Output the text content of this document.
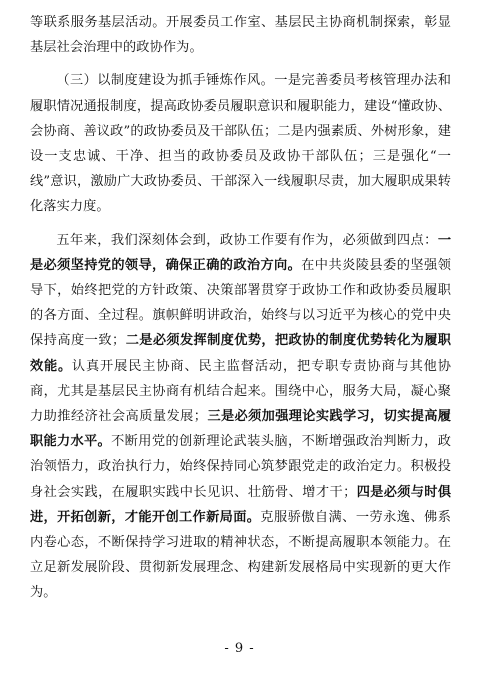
等联系服务基层活动。开展委员工作室、基层民主协商机制探索，彰显基层社会治理中的政协作为。

（三）以制度建设为抓手锤炼作风。一是完善委员考核管理办法和履职情况通报制度，提高政协委员履职意识和履职能力，建设“懂政协、会协商、善议政”的政协委员及干部队伍；二是内强素质、外树形象，建设一支忠诚、干净、担当的政协委员及政协干部队伍；三是强化“一线”意识，激励广大政协委员、干部深入一线履职尽责，加大履职成果转化落实力度。

五年来，我们深刻体会到，政协工作要有作为，必须做到四点：一是必须坚持党的领导，确保正确的政治方向。在中共炎陵县委的坚强领导下，始终把党的方针政策、决策部署贯穿于政协工作和政协委员履职的各方面、全过程。旗帜鲜明讲政治，始终与以习近平为核心的党中央保持高度一致；二是必须发挥制度优势，把政协的制度优势转化为履职效能。认真开展民主协商、民主监督活动，把专职专责协商与其他协商，尤其是基层民主协商有机结合起来。围绕中心，服务大局，凝心聚力助推经济社会高质量发展；三是必须加强理论实践学习，切实提高履职能力水平。不断用党的创新理论武装头脑，不断增强政治判断力，政治领悟力，政治执行力，始终保持同心筑梦跟党走的政治定力。积极投身社会实践，在履职实践中长见识、壮筋骨、增才干；四是必须与时俱进，开拓创新，才能开创工作新局面。克服骄傲自满、一劳永逸、佛系内卷心态，不断保持学习进取的精神状态，不断提高履职本领能力。在立足新发展阶段、贯彻新发展理念、构建新发展格局中实现新的更大作为。

- 9 -
